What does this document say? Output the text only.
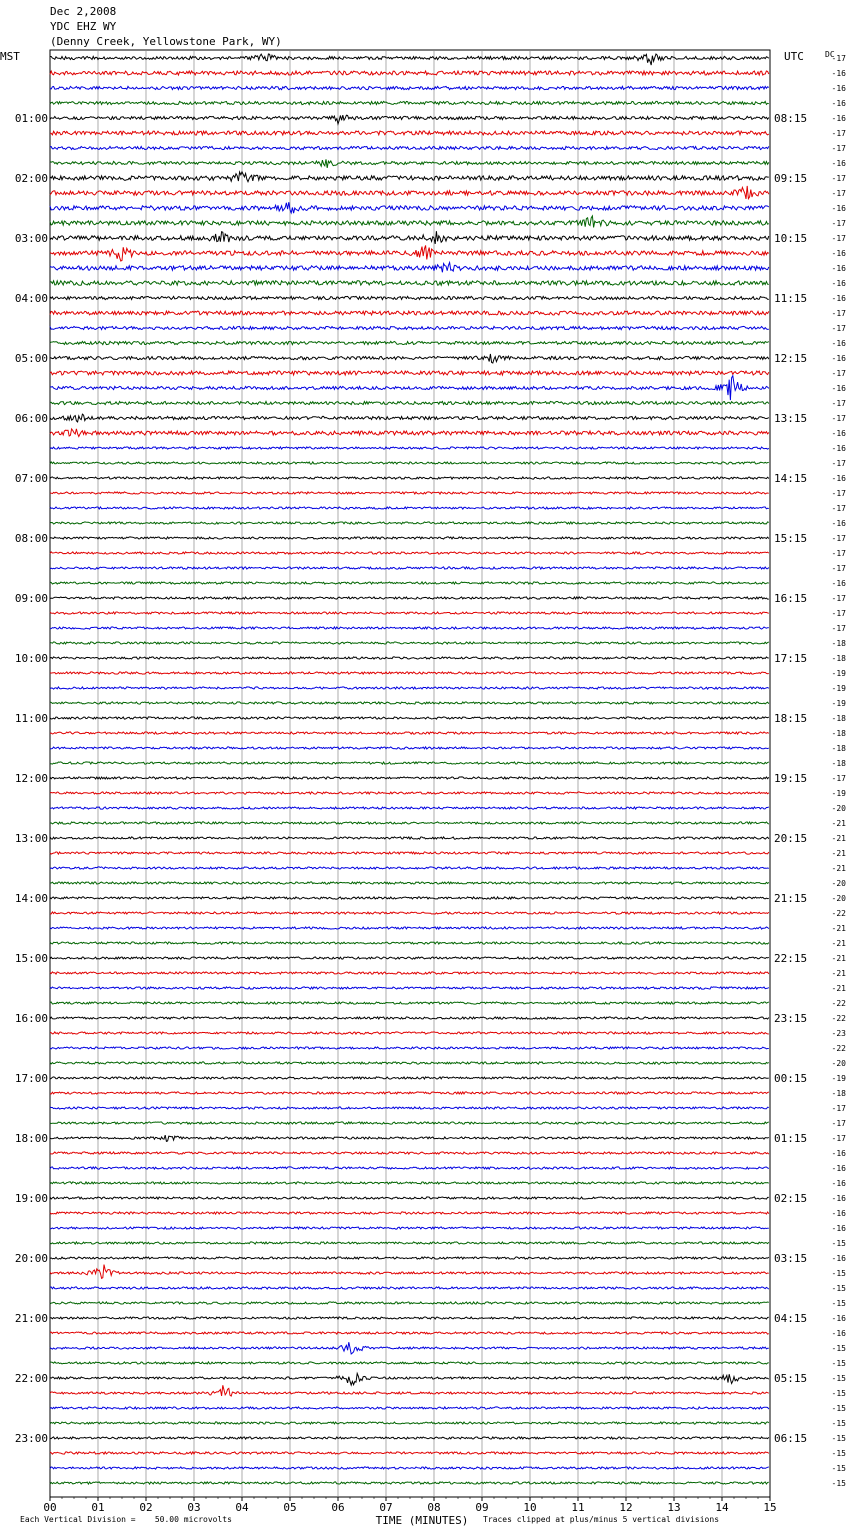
Dec 2,2008
YDC EHZ WY
(Denny Creek, Yellowstone Park, WY)
MST	UTC	DC
01:00
02:00
03:00
04:00
05:00
06:00
07:00
08:00
09:00
10:00
11:00
12:00
13:00
14:00
15:00
16:00
17:00
18:00
19:00
20:00
21:00
22:00
23:00
08:15
09:15
10:15
11:15
12:15
13:15
14:15
15:15
16:15
17:15
18:15
19:15
20:15
21:15
22:15
23:15
00:15
01:15
02:15
03:15
04:15
05:15
06:15
-17
-16
-16
-16
-16
-17
-17
-16
-17
-17
-16
-17
-17
-16
-16
-16
-16
-17
-17
-16
-16
-17
-16
-17
-17
-16
-16
-17
-16
-17
-17
-16
-17
-17
-17
-16
-17
-17
-17
-18
-18
-19
-19
-19
-18
-18
-18
-18
-17
-19
-20
-21
-21
-21
-21
-20
-20
-22
-21
-21
-21
-21
-21
-22
-22
-23
-22
-20
-19
-18
-17
-17
-17
-16
-16
-16
-16
-16
-16
-15
-16
-15
-15
-15
-16
-16
-15
-15
-15
-15
-15
-15
-15
-15
-15
-15
00	01	02	03	04	05	06	07	08	09	10	11	12	13	14	15
TIME (MINUTES)
Each Vertical Division =    50.00 microvolts	Traces clipped at plus/minus 5 vertical divisions
